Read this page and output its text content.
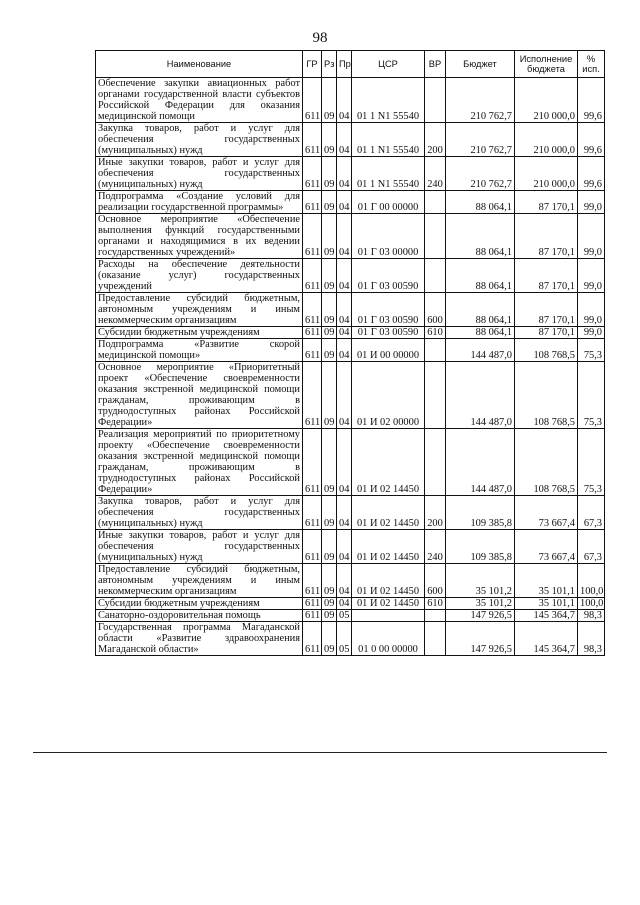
98
Наименование	ГР	Рз	Пр	ЦСР	ВР	Бюджет	Исполнение бюджета	% исп.
Обеспечение закупки авиационных работ органами государственной власти субъектов Российской Федерации для оказания медицинской помощи	611	09	04	01 1 N1 55540		210 762,7	210 000,0	99,6
Закупка товаров, работ и услуг для обеспечения государственных (муниципальных) нужд	611	09	04	01 1 N1 55540	200	210 762,7	210 000,0	99,6
Иные закупки товаров, работ и услуг для обеспечения государственных (муниципальных) нужд	611	09	04	01 1 N1 55540	240	210 762,7	210 000,0	99,6
Подпрограмма «Создание условий для реализации государственной программы»	611	09	04	01 Г 00 00000		88 064,1	87 170,1	99,0
Основное мероприятие «Обеспечение выполнения функций государственными органами и находящимися в их ведении государственных учреждений»	611	09	04	01 Г 03 00000		88 064,1	87 170,1	99,0
Расходы на обеспечение деятельности (оказание услуг) государственных учреждений	611	09	04	01 Г 03 00590		88 064,1	87 170,1	99,0
Предоставление субсидий бюджетным, автономным учреждениям и иным некоммерческим организациям	611	09	04	01 Г 03 00590	600	88 064,1	87 170,1	99,0
Субсидии бюджетным учреждениям	611	09	04	01 Г 03 00590	610	88 064,1	87 170,1	99,0
Подпрограмма «Развитие скорой медицинской помощи»	611	09	04	01 И 00 00000		144 487,0	108 768,5	75,3
Основное мероприятие «Приоритетный проект «Обеспечение своевременности оказания экстренной медицинской помощи гражданам, проживающим в труднодоступных районах Российской Федерации»	611	09	04	01 И 02 00000		144 487,0	108 768,5	75,3
Реализация мероприятий по приоритетному проекту «Обеспечение своевременности оказания экстренной медицинской помощи гражданам, проживающим в труднодоступных районах Российской Федерации»	611	09	04	01 И 02 14450		144 487,0	108 768,5	75,3
Закупка товаров, работ и услуг для обеспечения государственных (муниципальных) нужд	611	09	04	01 И 02 14450	200	109 385,8	73 667,4	67,3
Иные закупки товаров, работ и услуг для обеспечения государственных (муниципальных) нужд	611	09	04	01 И 02 14450	240	109 385,8	73 667,4	67,3
Предоставление субсидий бюджетным, автономным учреждениям и иным некоммерческим организациям	611	09	04	01 И 02 14450	600	35 101,2	35 101,1	100,0
Субсидии бюджетным учреждениям	611	09	04	01 И 02 14450	610	35 101,2	35 101,1	100,0
Санаторно-оздоровительная помощь	611	09	05			147 926,5	145 364,7	98,3
Государственная программа Магаданской области «Развитие здравоохранения Магаданской области»	611	09	05	01 0 00 00000		147 926,5	145 364,7	98,3
